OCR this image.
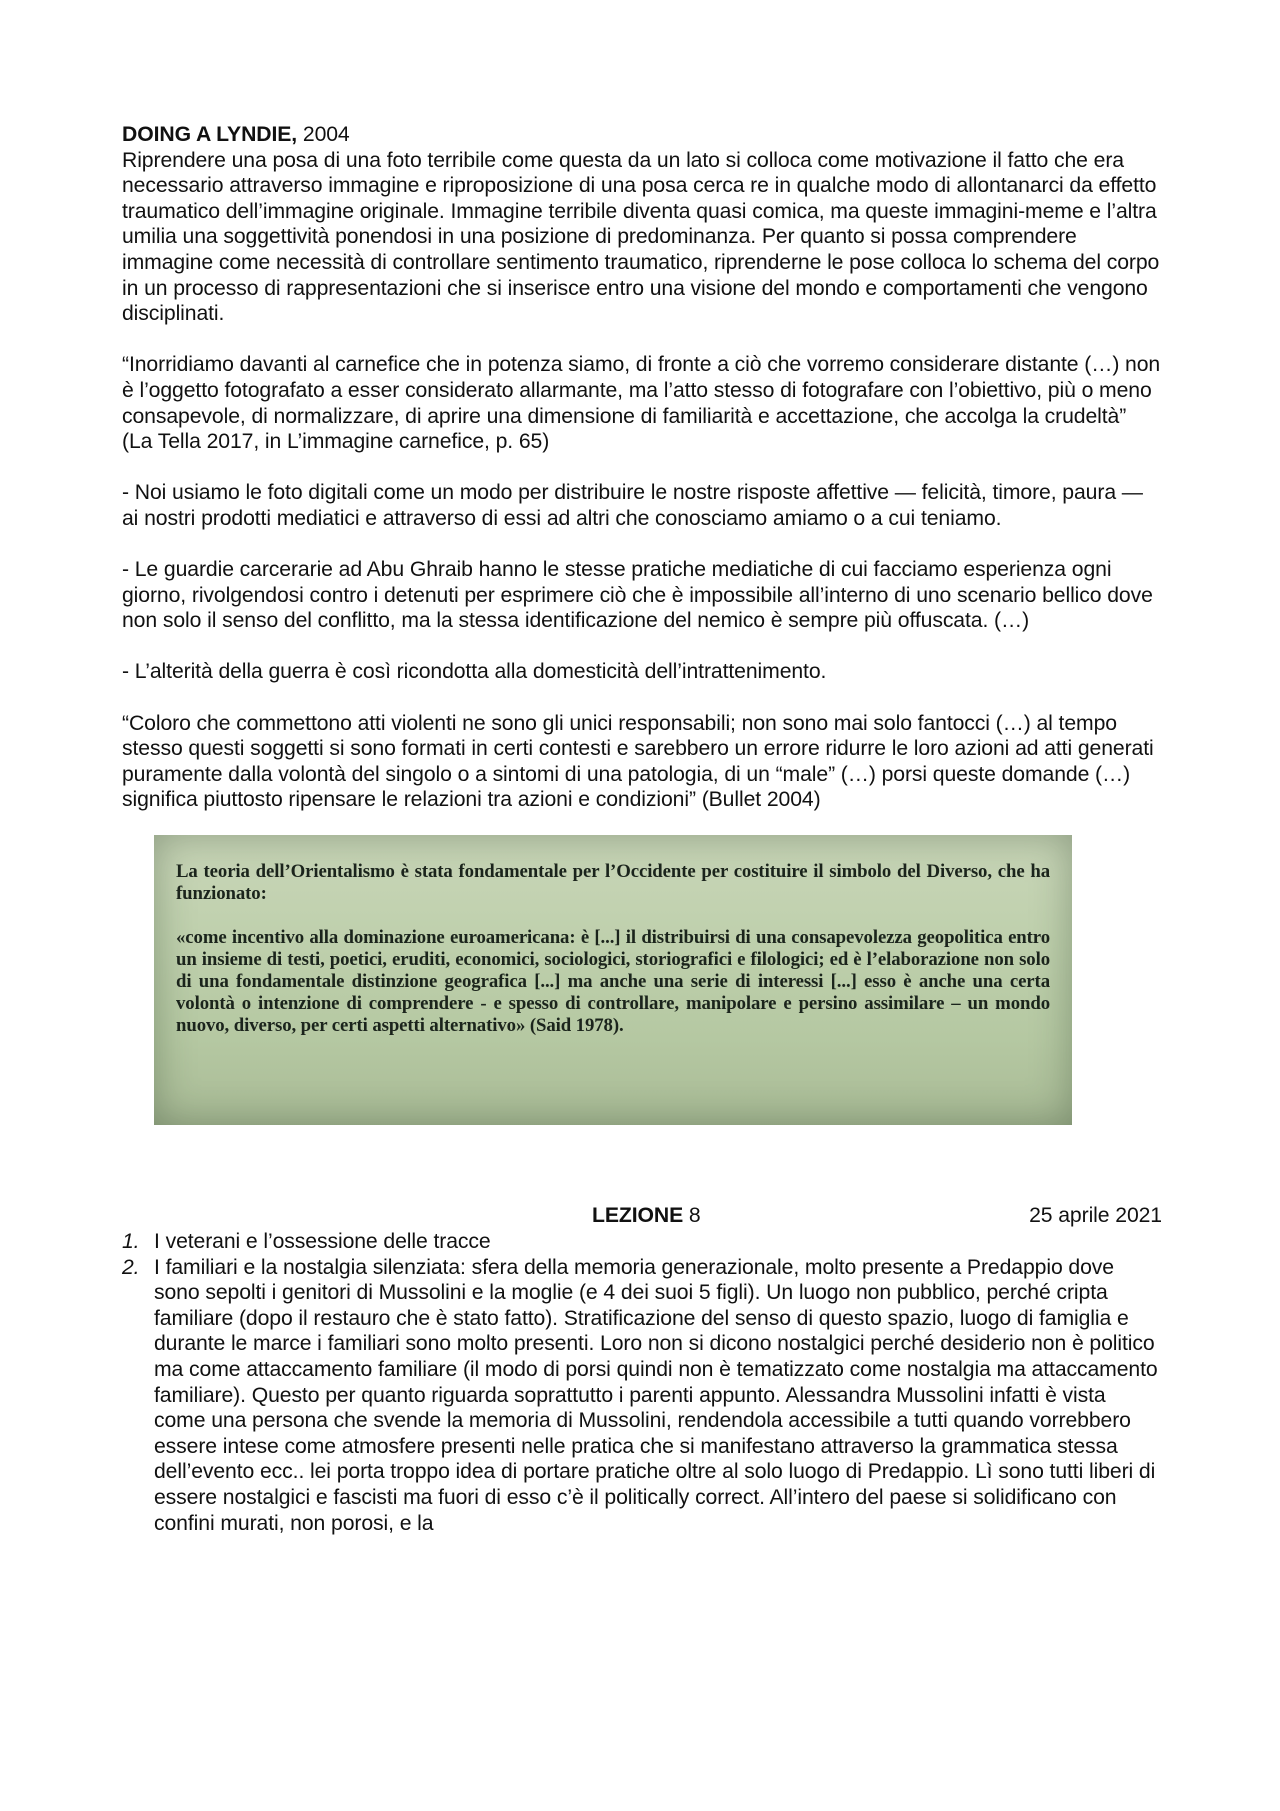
DOING A LYNDIE, 2004

Riprendere una posa di una foto terribile come questa da un lato si colloca come motivazione il fatto che era necessario attraverso immagine e riproposizione di una posa cerca re in qualche modo di allontanarci da effetto traumatico dell’immagine originale. Immagine terribile diventa quasi comica, ma queste immagini-meme e l’altra umilia una soggettività ponendosi in una posizione di predominanza. Per quanto si possa comprendere immagine come necessità di controllare sentimento traumatico, riprenderne le pose colloca lo schema del corpo in un processo di rappresentazioni che si inserisce entro una visione del mondo e comportamenti che vengono disciplinati.

“Inorridiamo davanti al carnefice che in potenza siamo, di fronte a ciò che vorremo considerare distante (…) non è l’oggetto fotografato a esser considerato allarmante, ma l’atto stesso di fotografare con l’obiettivo, più o meno consapevole, di normalizzare, di aprire una dimensione di familiarità e accettazione, che accolga la crudeltà” (La Tella 2017, in L’immagine carnefice, p. 65)

- Noi usiamo le foto digitali come un modo per distribuire le nostre risposte affettive — felicità, timore, paura — ai nostri prodotti mediatici e attraverso di essi ad altri che conosciamo amiamo o a cui teniamo.

- Le guardie carcerarie ad Abu Ghraib hanno le stesse pratiche mediatiche di cui facciamo esperienza ogni giorno, rivolgendosi contro i detenuti per esprimere ciò che è impossibile all’interno di uno scenario bellico dove non solo il senso del conflitto, ma la stessa identificazione del nemico è sempre più offuscata. (…)

- L’alterità della guerra è così ricondotta alla domesticità dell’intrattenimento.

“Coloro che commettono atti violenti ne sono gli unici responsabili; non sono mai solo fantocci (…) al tempo stesso questi soggetti si sono formati in certi contesti e sarebbero un errore ridurre le loro azioni ad atti generati puramente dalla volontà del singolo o a sintomi di una patologia, di un “male” (…) porsi queste domande (…) significa piuttosto ripensare le relazioni tra azioni e condizioni” (Bullet 2004)

La teoria dell’Orientalismo è stata fondamentale per l’Occidente per costituire il simbolo del Diverso, che ha funzionato:
«come incentivo alla dominazione euroamericana: è [...] il distribuirsi di una consapevolezza geopolitica entro un insieme di testi, poetici, eruditi, economici, sociologici, storiografici e filologici; ed è l’elaborazione non solo di una fondamentale distinzione geografica [...] ma anche una serie di interessi [...] esso è anche una certa volontà o intenzione di comprendere - e spesso di controllare, manipolare e persino assimilare – un mondo nuovo, diverso, per certi aspetti alternativo» (Said 1978).
LEZIONE 8	25 aprile 2021
1. I veterani e l’ossessione delle tracce
2. I familiari e la nostalgia silenziata: sfera della memoria generazionale, molto presente a Predappio dove sono sepolti i genitori di Mussolini e la moglie (e 4 dei suoi 5 figli). Un luogo non pubblico, perché cripta familiare (dopo il restauro che è stato fatto). Stratificazione del senso di questo spazio, luogo di famiglia e durante le marce i familiari sono molto presenti. Loro non si dicono nostalgici perché desiderio non è politico ma come attaccamento familiare (il modo di porsi quindi non è tematizzato come nostalgia ma attaccamento familiare). Questo per quanto riguarda soprattutto i parenti appunto. Alessandra Mussolini infatti è vista come una persona che svende la memoria di Mussolini, rendendola accessibile a tutti quando vorrebbero essere intese come atmosfere presenti nelle pratica che si manifestano attraverso la grammatica stessa dell’evento ecc.. lei porta troppo idea di portare pratiche oltre al solo luogo di Predappio. Lì sono tutti liberi di essere nostalgici e fascisti ma fuori di esso c’è il politically correct. All’intero del paese si solidificano con confini murati, non porosi, e la
